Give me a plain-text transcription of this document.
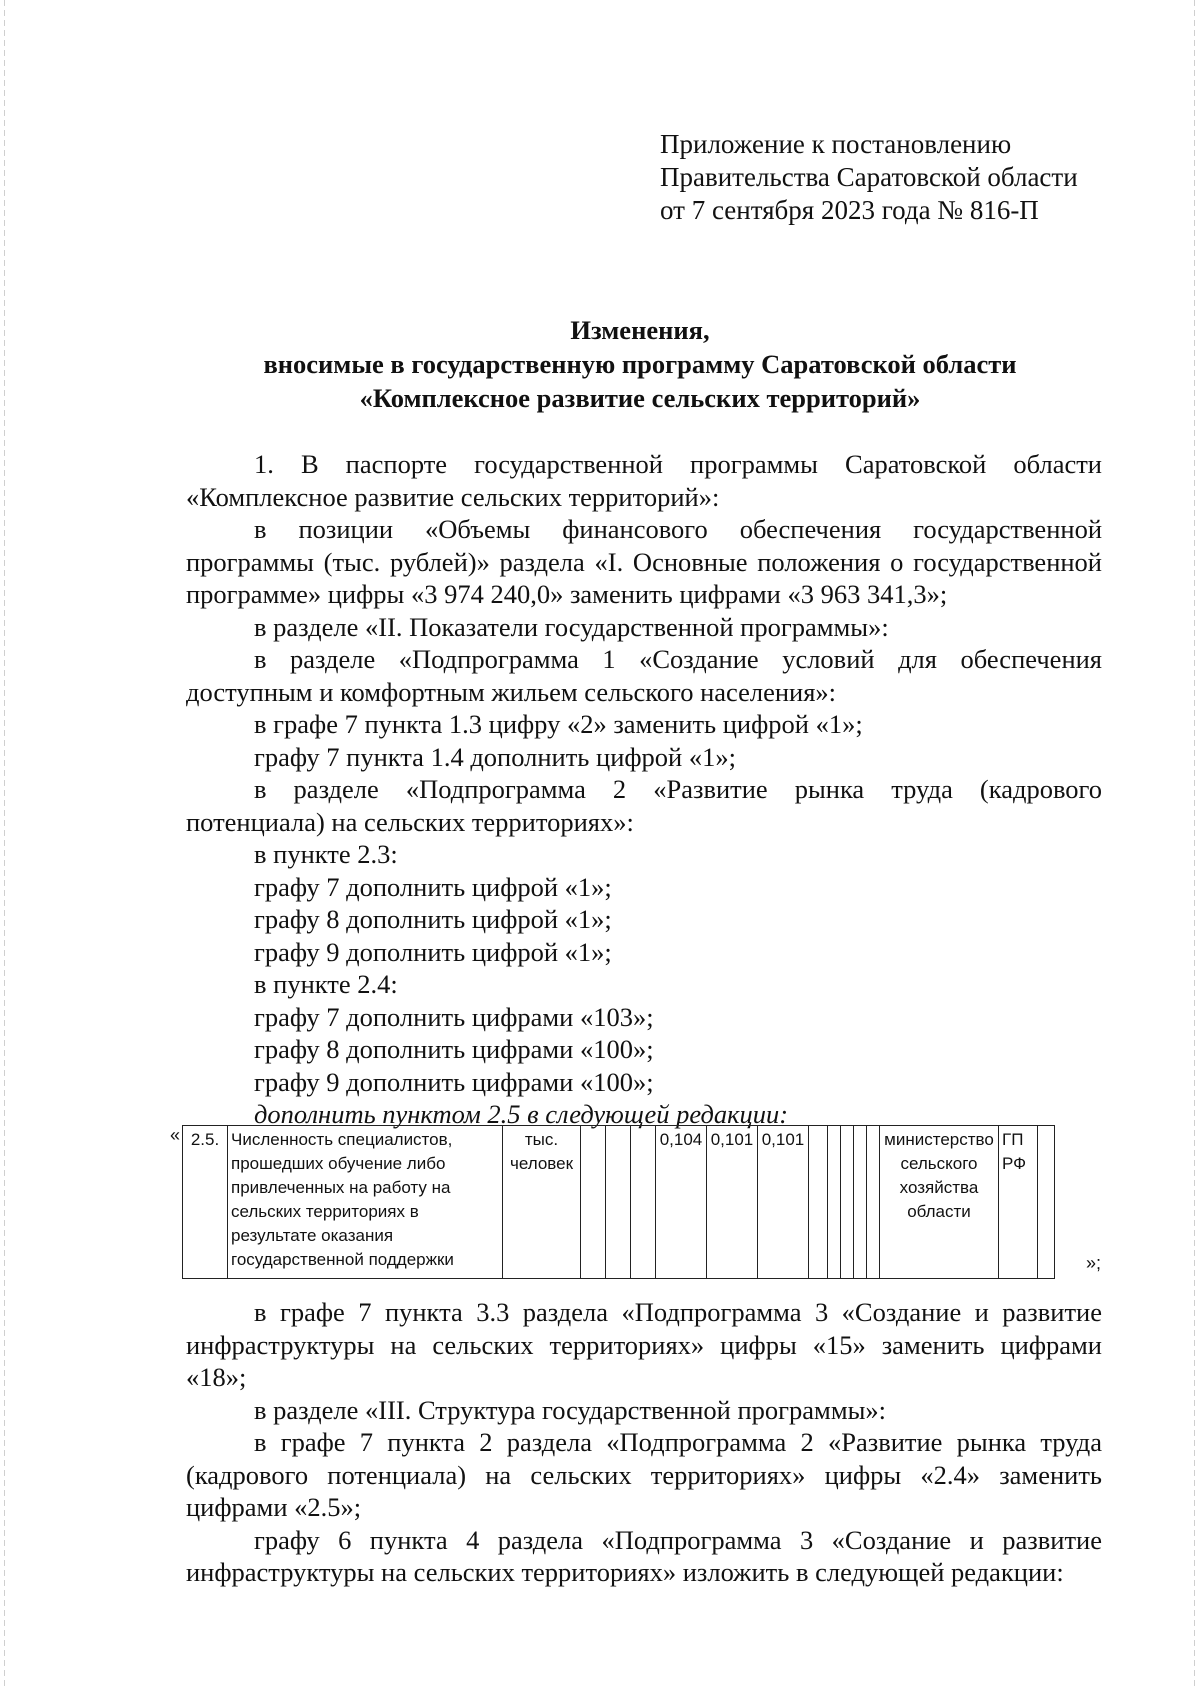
Приложение к постановлению
Правительства Саратовской области
от 7 сентября 2023 года № 816-П
Изменения,
вносимые в государственную программу Саратовской области
«Комплексное развитие сельских территорий»
1. В паспорте государственной программы Саратовской области «Комплексное развитие сельских территорий»:
в позиции «Объемы финансового обеспечения государственной программы (тыс. рублей)» раздела «I. Основные положения о государственной программе» цифры «3 974 240,0» заменить цифрами «3 963 341,3»;
в разделе «II. Показатели государственной программы»:
в разделе «Подпрограмма 1 «Создание условий для обеспечения доступным и комфортным жильем сельского населения»:
в графе 7 пункта 1.3 цифру «2» заменить цифрой «1»;
графу 7 пункта 1.4 дополнить цифрой «1»;
в разделе «Подпрограмма 2 «Развитие рынка труда (кадрового потенциала) на сельских территориях»:
в пункте 2.3:
графу 7 дополнить цифрой «1»;
графу 8 дополнить цифрой «1»;
графу 9 дополнить цифрой «1»;
в пункте 2.4:
графу 7 дополнить цифрами «103»;
графу 8 дополнить цифрами «100»;
графу 9 дополнить цифрами «100»;
дополнить пунктом 2.5 в следующей редакции:
« 2.5.	Численность специалистов, прошедших обучение либо привлеченных на работу на сельских территориях в результате оказания государственной поддержки	тыс. человек				0,104	0,101	0,101						министерство сельского хозяйства области	ГП РФ	
»;
в графе 7 пункта 3.3 раздела «Подпрограмма 3 «Создание и развитие инфраструктуры на сельских территориях» цифры «15» заменить цифрами «18»;
в разделе «III. Структура государственной программы»:
в графе 7 пункта 2 раздела «Подпрограмма 2 «Развитие рынка труда (кадрового потенциала) на сельских территориях» цифры «2.4» заменить цифрами «2.5»;
графу 6 пункта 4 раздела «Подпрограмма 3 «Создание и развитие инфраструктуры на сельских территориях» изложить в следующей редакции:
